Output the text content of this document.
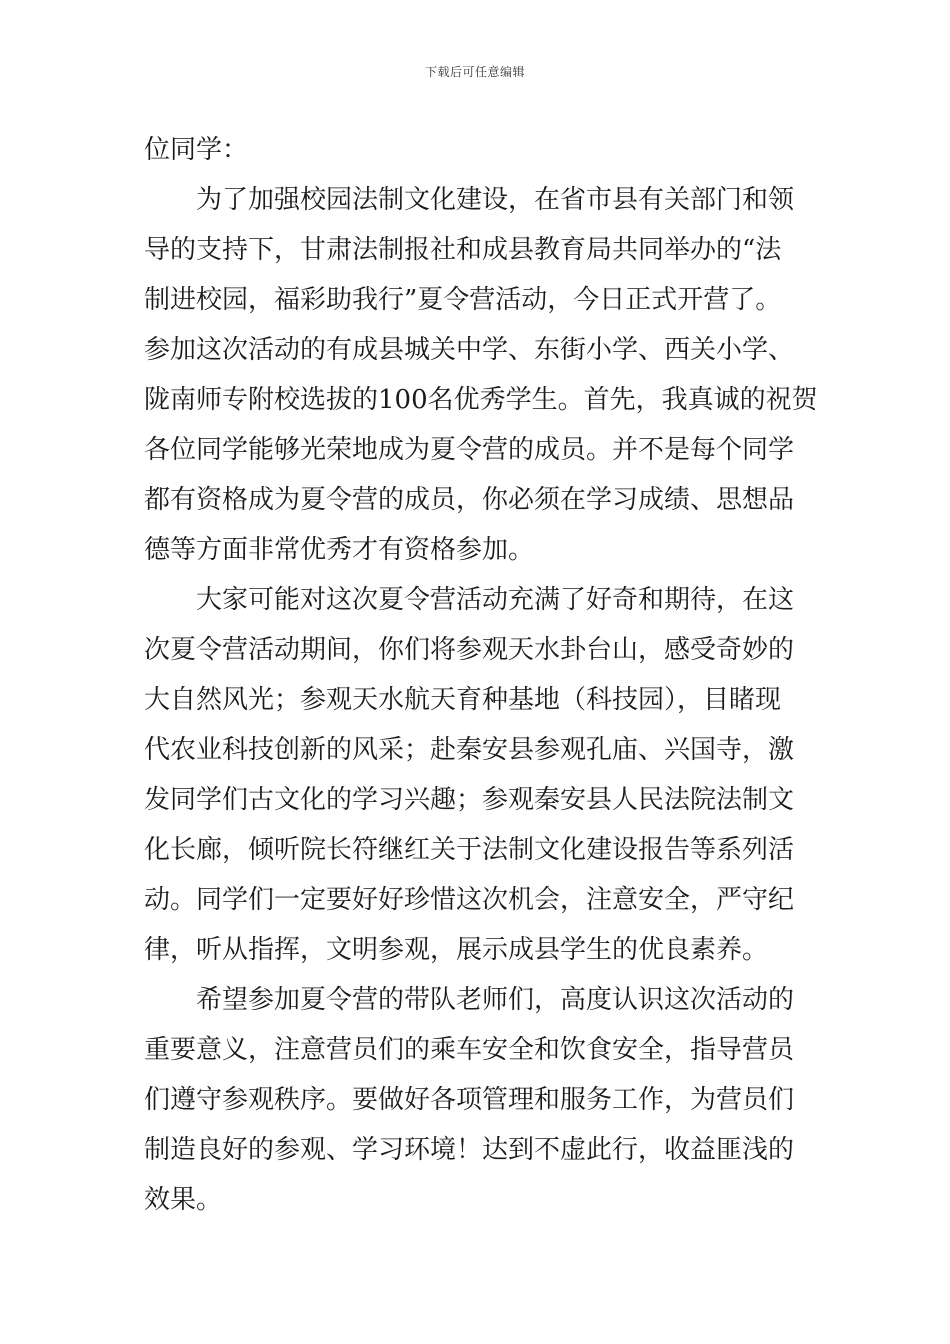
下载后可任意编辑
位同学：
为了加强校园法制文化建设，在省市县有关部门和领
导的支持下，甘肃法制报社和成县教育局共同举办的“法
制进校园，福彩助我行”夏令营活动，今日正式开营了。
参加这次活动的有成县城关中学、东街小学、西关小学、
陇南师专附校选拔的100名优秀学生。首先，我真诚的祝贺
各位同学能够光荣地成为夏令营的成员。并不是每个同学
都有资格成为夏令营的成员，你必须在学习成绩、思想品
德等方面非常优秀才有资格参加。
大家可能对这次夏令营活动充满了好奇和期待，在这
次夏令营活动期间，你们将参观天水卦台山，感受奇妙的
大自然风光；参观天水航天育种基地（科技园），目睹现
代农业科技创新的风采；赴秦安县参观孔庙、兴国寺，激
发同学们古文化的学习兴趣；参观秦安县人民法院法制文
化长廊，倾听院长符继红关于法制文化建设报告等系列活
动。同学们一定要好好珍惜这次机会，注意安全，严守纪
律，听从指挥，文明参观，展示成县学生的优良素养。
希望参加夏令营的带队老师们，高度认识这次活动的
重要意义，注意营员们的乘车安全和饮食安全，指导营员
们遵守参观秩序。要做好各项管理和服务工作，为营员们
制造良好的参观、学习环境！达到不虚此行，收益匪浅的
效果。
